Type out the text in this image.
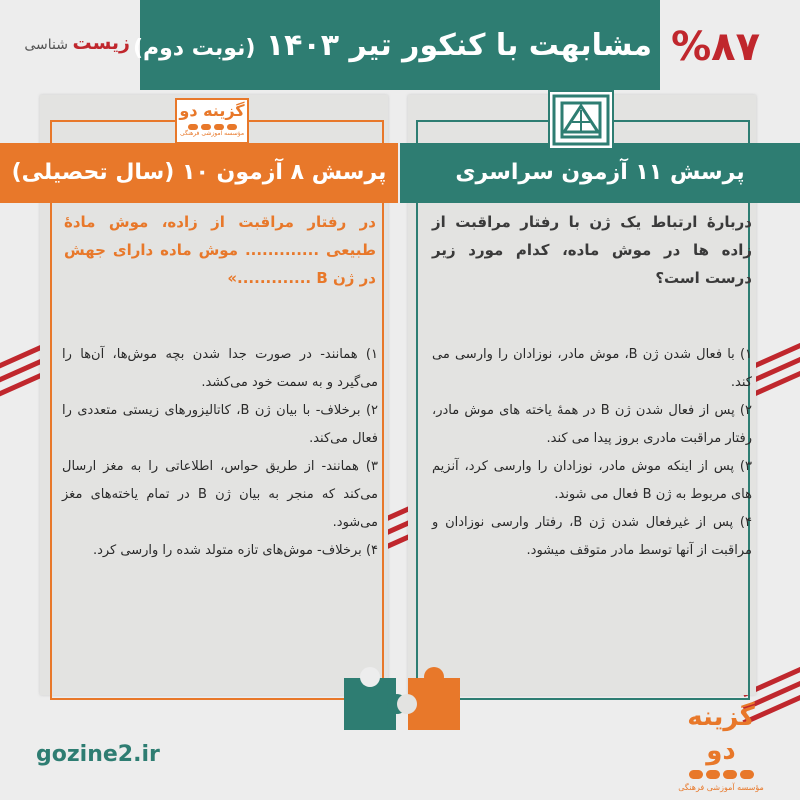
مشابهت با کنکور تیر ۱۴۰۳ (نوبت دوم)	%۸۷
زیست شناسی
پرسش ۸ آزمون ۱۰ (سال تحصیلی)	پرسش ۱۱ آزمون سراسری
گزینه دو
مؤسسه آموزشی فرهنگی
در رفتار مراقبت از زاده، موش مادهٔ طبیعی ............. موش ماده دارای جهش در ژن B .............»
دربارهٔ ارتباط یک ژن با رفتار مراقبت از زاده ها در موش ماده، کدام مورد زیر درست است؟

۱) همانند- در صورت جدا شدن بچه موش‌ها، آن‌ها را می‌گیرد و به سمت خود می‌کشد.

۲) برخلاف- با بیان ژن B، کاتالیزورهای زیستی متعددی را فعال می‌کند.

۳) همانند- از طریق حواس، اطلاعاتی را به مغز ارسال می‌کند که منجر به بیان ژن B در تمام یاخته‌های مغز می‌شود.

۴) برخلاف- موش‌های تازه متولد شده را وارسی کرد.

۱) با فعال شدن ژن B، موش مادر، نوزادان را وارسی می کند.

۲) پس از فعال شدن ژن B در همهٔ یاخته های موش مادر، رفتار مراقبت مادری بروز پیدا می کند.

۳) پس از اینکه موش مادر، نوزادان را وارسی کرد، آنزیم های مربوط به ژن B فعال می شوند.

۴) پس از غیرفعال شدن ژن B، رفتار وارسی نوزادان و مراقبت از آنها توسط مادر متوقف میشود.

gozine2.ir
گزینه دو
مؤسسه آموزشی فرهنگی
